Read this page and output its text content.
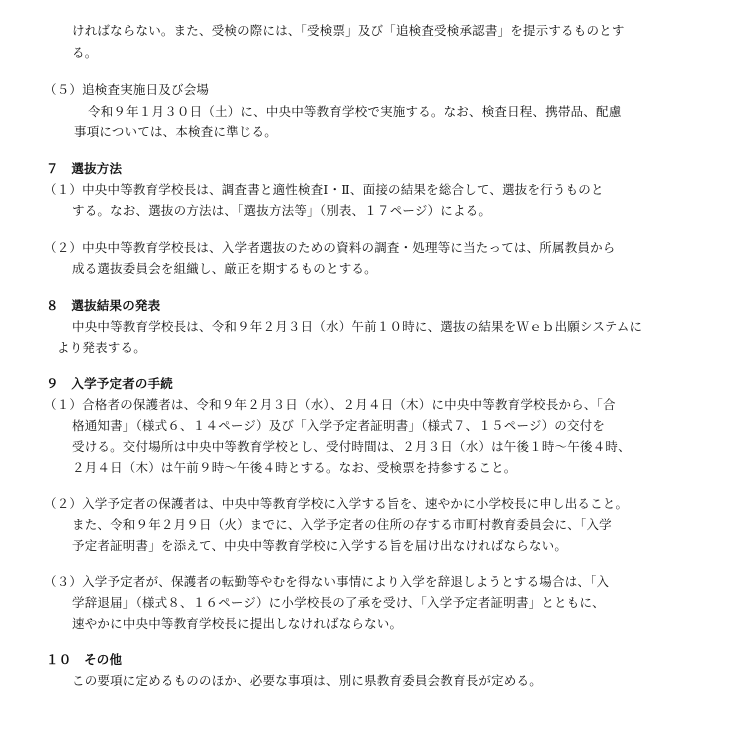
ければならない。また、受検の際には、「受検票」及び「追検査受検承認書」を提示するものとす
る。
（５）追検査実施日及び会場
令和９年１月３０日（土）に、中央中等教育学校で実施する。なお、検査日程、携帯品、配慮
事項については、本検査に準じる。
７　選抜方法
（１）中央中等教育学校長は、調査書と適性検査Ⅰ・Ⅱ、面接の結果を総合して、選抜を行うものと
する。なお、選抜の方法は、「選抜方法等」（別表、１７ページ）による。
（２）中央中等教育学校長は、入学者選抜のための資料の調査・処理等に当たっては、所属教員から
成る選抜委員会を組織し、厳正を期するものとする。
８　選抜結果の発表
中央中等教育学校長は、令和９年２月３日（水）午前１０時に、選抜の結果をＷｅｂ出願システムに
より発表する。
９　入学予定者の手続
（１）合格者の保護者は、令和９年２月３日（水）、２月４日（木）に中央中等教育学校長から、「合
格通知書」（様式６、１４ページ）及び「入学予定者証明書」（様式７、１５ページ）の交付を
受ける。交付場所は中央中等教育学校とし、受付時間は、２月３日（水）は午後１時〜午後４時、
２月４日（木）は午前９時〜午後４時とする。なお、受検票を持参すること。
（２）入学予定者の保護者は、中央中等教育学校に入学する旨を、速やかに小学校長に申し出ること。
また、令和９年２月９日（火）までに、入学予定者の住所の存する市町村教育委員会に、「入学
予定者証明書」を添えて、中央中等教育学校に入学する旨を届け出なければならない。
（３）入学予定者が、保護者の転勤等やむを得ない事情により入学を辞退しようとする場合は、「入
学辞退届」（様式８、１６ページ）に小学校長の了承を受け、「入学予定者証明書」とともに、
速やかに中央中等教育学校長に提出しなければならない。
１０　その他
この要項に定めるもののほか、必要な事項は、別に県教育委員会教育長が定める。
